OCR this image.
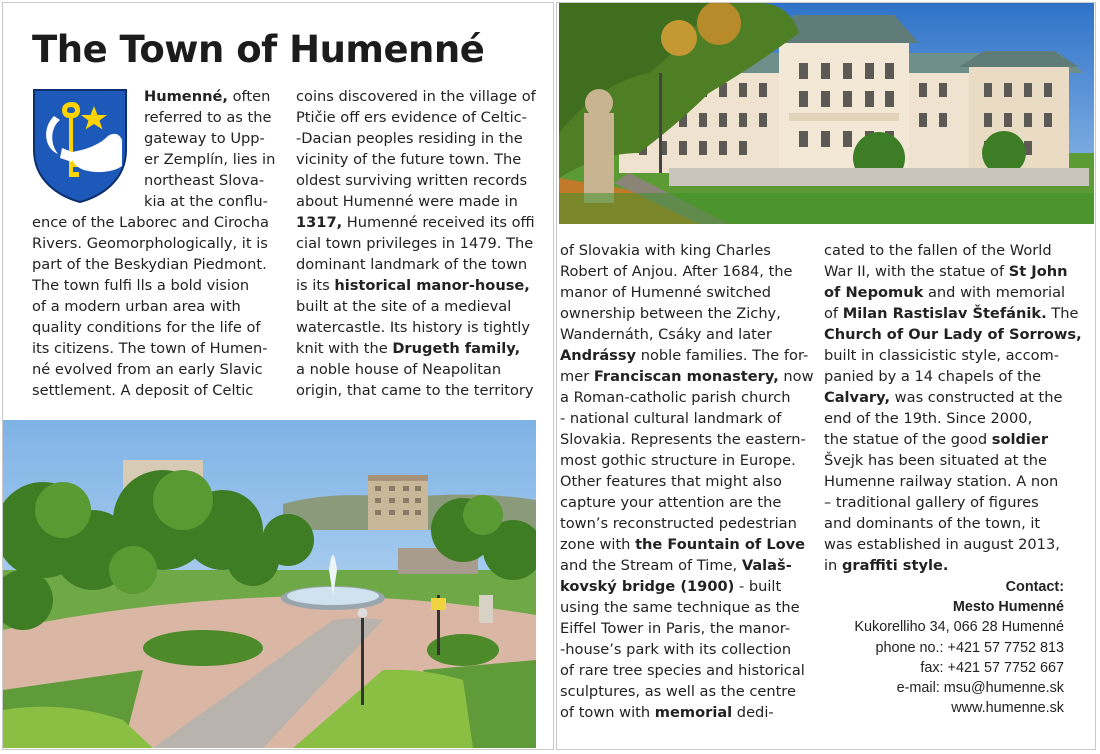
The Town of Humenné
Humenné, often
referred to as the
gateway to Upp-
er Zemplín, lies in
northeast Slova-
kia at the conflu-
ence of the Laborec and Cirocha
Rivers. Geomorphologically, it is
part of the Beskydian Piedmont.
The town fulfi lls a bold vision
of a modern urban area with
quality conditions for the life of
its citizens. The town of Humen-
né evolved from an early Slavic
settlement. A deposit of Celtic
coins discovered in the village of
Ptičie off ers evidence of Celtic-
-Dacian peoples residing in the
vicinity of the future town. The
oldest surviving written records
about Humenné were made in
1317, Humenné received its offi
cial town privileges in 1479. The
dominant landmark of the town
is its historical manor-house,
built at the site of a medieval
watercastle. Its history is tightly
knit with the Drugeth family,
a noble house of Neapolitan
origin, that came to the territory
of Slovakia with king Charles
Robert of Anjou. After 1684, the
manor of Humenné switched
ownership between the Zichy,
Wandernáth, Csáky and later
Andrássy noble families. The for-
mer Franciscan monastery, now
a Roman-catholic parish church
- national cultural landmark of
Slovakia. Represents the eastern-
most gothic structure in Europe.
Other features that might also
capture your attention are the
town’s reconstructed pedestrian
zone with the Fountain of Love
and the Stream of Time, Valaš-
kovský bridge (1900) - built
using the same technique as the
Eiffel Tower in Paris, the manor-
-house’s park with its collection
of rare tree species and historical
sculptures, as well as the centre
of town with memorial dedi-
cated to the fallen of the World
War II, with the statue of St John
of Nepomuk and with memorial
of Milan Rastislav Štefánik. The
Church of Our Lady of Sorrows,
built in classicistic style, accom-
panied by a 14 chapels of the
Calvary, was constructed at the
end of the 19th. Since 2000,
the statue of the good soldier
Švejk has been situated at the
Humenne railway station. A non
– traditional gallery of figures
and dominants of the town, it
was established in august 2013,
in graffiti style.
Contact:
Mesto Humenné
Kukorelliho 34, 066 28 Humenné
phone no.: +421 57 7752 813
fax: +421 57 7752 667
e-mail: msu@humenne.sk
www.humenne.sk
